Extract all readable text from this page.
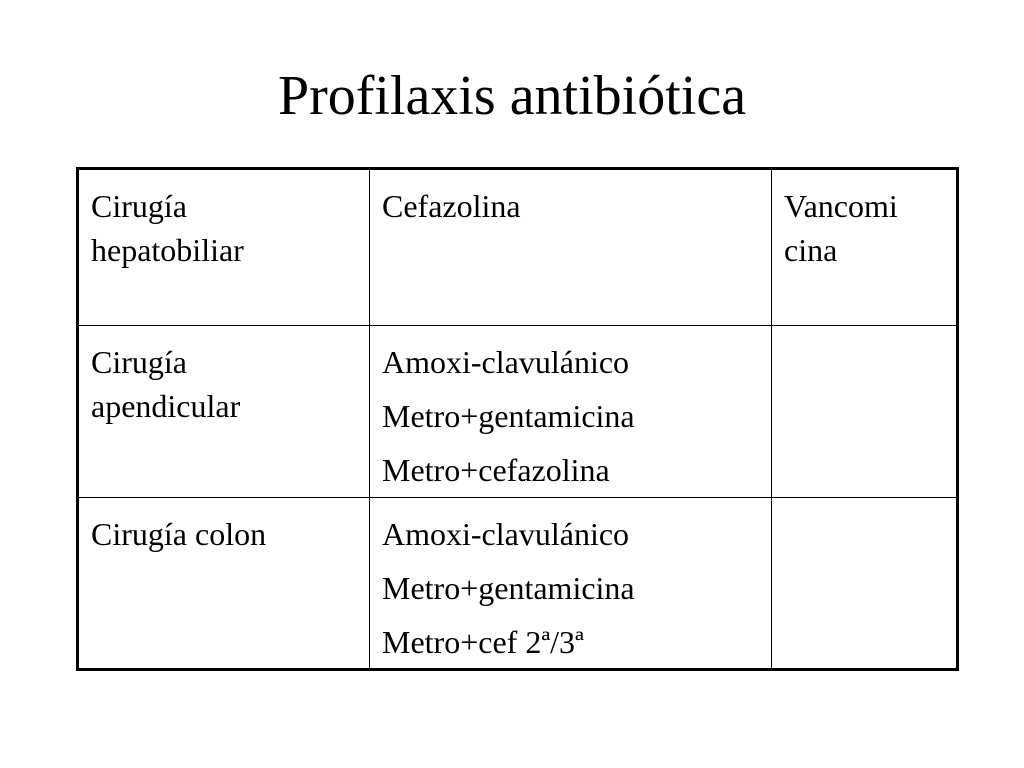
Profilaxis antibiótica
Cirugía
hepatobiliar	Cefazolina	Vancomi
cina

Cirugía
apendicular	Amoxi-clavulánico
Metro+gentamicina
Metro+cefazolina	

Cirugía colon	Amoxi-clavulánico
Metro+gentamicina
Metro+cef 2ª/3ª	
